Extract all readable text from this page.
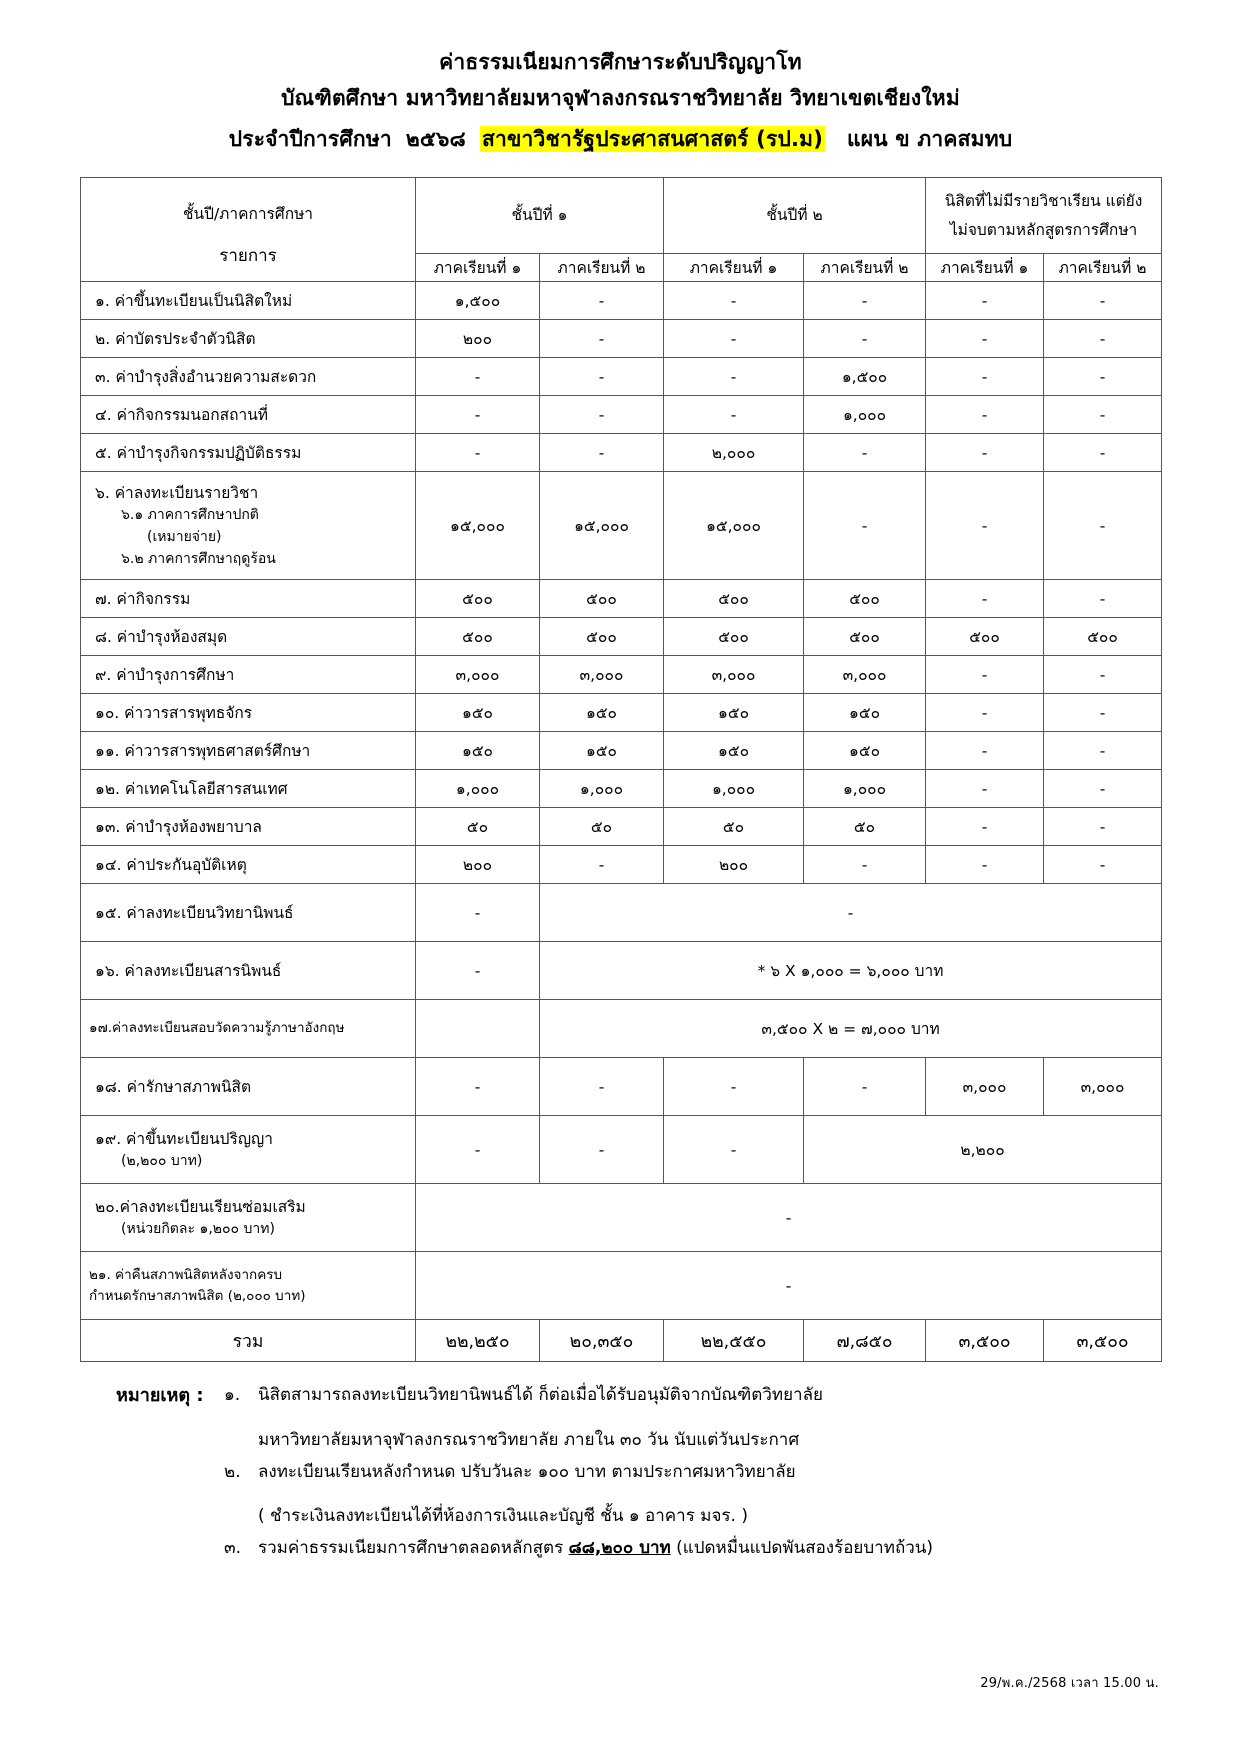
ค่าธรรมเนียมการศึกษาระดับปริญญาโท
บัณฑิตศึกษา มหาวิทยาลัยมหาจุฬาลงกรณราชวิทยาลัย วิทยาเขตเชียงใหม่
ประจำปีการศึกษา ๒๕๖๘ สาขาวิชารัฐประศาสนศาสตร์ (รป.ม) แผน ข ภาคสมทบ
ชั้นปี/ภาคการศึกษา
รายการ	ชั้นปีที่ ๑		ชั้นปีที่ ๒		นิสิตที่ไม่มีรายวิชาเรียน แต่ยัง
ไม่จบตามหลักสูตรการศึกษา	
	ภาคเรียนที่ ๑	ภาคเรียนที่ ๒	ภาคเรียนที่ ๑	ภาคเรียนที่ ๒	ภาคเรียนที่ ๑	ภาคเรียนที่ ๒
๑. ค่าขึ้นทะเบียนเป็นนิสิตใหม่	๑,๕๐๐	-	-	-	-	-
๒. ค่าบัตรประจำตัวนิสิต	๒๐๐	-	-	-	-	-
๓. ค่าบำรุงสิ่งอำนวยความสะดวก	-	-	-	๑,๕๐๐	-	-
๔. ค่ากิจกรรมนอกสถานที่	-	-	-	๑,๐๐๐	-	-
๕. ค่าบำรุงกิจกรรมปฏิบัติธรรม	-	-	๒,๐๐๐	-	-	-
๖. ค่าลงทะเบียนรายวิชา
๖.๑ ภาคการศึกษาปกติ
(เหมายจ่าย)
๖.๒ ภาคการศึกษาฤดูร้อน	๑๕,๐๐๐	๑๕,๐๐๐	๑๕,๐๐๐	-	-	-
๗. ค่ากิจกรรม	๕๐๐	๕๐๐	๕๐๐	๕๐๐	-	-
๘. ค่าบำรุงห้องสมุด	๕๐๐	๕๐๐	๕๐๐	๕๐๐	๕๐๐	๕๐๐
๙. ค่าบำรุงการศึกษา	๓,๐๐๐	๓,๐๐๐	๓,๐๐๐	๓,๐๐๐	-	-
๑๐. ค่าวารสารพุทธจักร	๑๕๐	๑๕๐	๑๕๐	๑๕๐	-	-
๑๑. ค่าวารสารพุทธศาสตร์ศึกษา	๑๕๐	๑๕๐	๑๕๐	๑๕๐	-	-
๑๒. ค่าเทคโนโลยีสารสนเทศ	๑,๐๐๐	๑,๐๐๐	๑,๐๐๐	๑,๐๐๐	-	-
๑๓. ค่าบำรุงห้องพยาบาล	๕๐	๕๐	๕๐	๕๐	-	-
๑๔. ค่าประกันอุบัติเหตุ	๒๐๐	-	๒๐๐	-	-	-
๑๕. ค่าลงทะเบียนวิทยานิพนธ์	-	-				
๑๖. ค่าลงทะเบียนสารนิพนธ์	-	* ๖ X ๑,๐๐๐ = ๖,๐๐๐ บาท				
๑๗.ค่าลงทะเบียนสอบวัดความรู้ภาษาอังกฤษ		๓,๕๐๐ X ๒ = ๗,๐๐๐ บาท				
๑๘. ค่ารักษาสภาพนิสิต	-	-	-	-	๓,๐๐๐	๓,๐๐๐
๑๙. ค่าขึ้นทะเบียนปริญญา
(๒,๒๐๐ บาท)	-	-	-	๒,๒๐๐		
๒๐.ค่าลงทะเบียนเรียนซ่อมเสริม
(หน่วยกิตละ ๑,๒๐๐ บาท)	-					
๒๑. ค่าคืนสภาพนิสิตหลังจากครบ
กำหนดรักษาสภาพนิสิต (๒,๐๐๐ บาท)	-					
รวม	๒๒,๒๕๐	๒๐,๓๕๐	๒๒,๕๕๐	๗,๘๕๐	๓,๕๐๐	๓,๕๐๐
หมายเหตุ :	๑.	นิสิตสามารถลงทะเบียนวิทยานิพนธ์ได้ ก็ต่อเมื่อได้รับอนุมัติจากบัณฑิตวิทยาลัย
มหาวิทยาลัยมหาจุฬาลงกรณราชวิทยาลัย ภายใน ๓๐ วัน นับแต่วันประกาศ
๒.	ลงทะเบียนเรียนหลังกำหนด ปรับวันละ ๑๐๐ บาท ตามประกาศมหาวิทยาลัย
( ชำระเงินลงทะเบียนได้ที่ห้องการเงินและบัญชี ชั้น ๑ อาคาร มจร. )
๓. รวมค่าธรรมเนียมการศึกษาตลอดหลักสูตร ๘๘,๒๐๐ บาท (แปดหมื่นแปดพันสองร้อยบาทถ้วน)
29/พ.ค./2568 เวลา 15.00 น.
